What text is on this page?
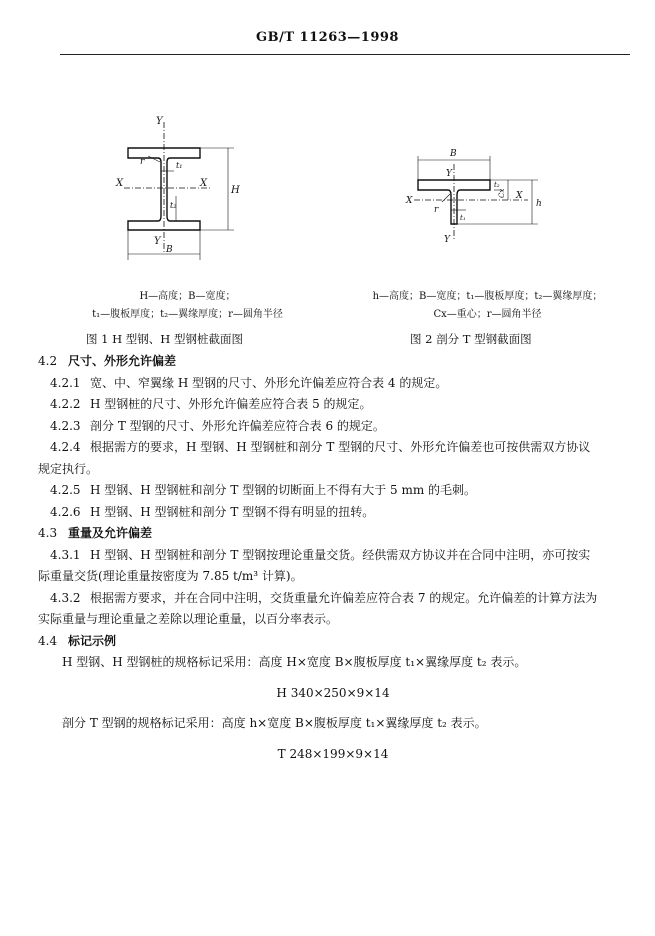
GB/T 11263—1998
Y
Y
X	X
H
B
r	t₁
t₂
B
Y
Y
X	X
Cx
h
r
t₁
t₂
H—高度；B—宽度；
t₁—腹板厚度；t₂—翼缘厚度；r—圆角半径
h—高度；B—宽度；t₁—腹板厚度；t₂—翼缘厚度；
Cx—重心；r—圆角半径
图 1 H 型钢、H 型钢桩截面图	图 2 剖分 T 型钢截面图
4.2 尺寸、外形允许偏差
4.2.1 宽、中、窄翼缘 H 型钢的尺寸、外形允许偏差应符合表 4 的规定。
4.2.2 H 型钢桩的尺寸、外形允许偏差应符合表 5 的规定。
4.2.3 剖分 T 型钢的尺寸、外形允许偏差应符合表 6 的规定。
4.2.4 根据需方的要求，H 型钢、H 型钢桩和剖分 T 型钢的尺寸、外形允许偏差也可按供需双方协议
规定执行。
4.2.5 H 型钢、H 型钢桩和剖分 T 型钢的切断面上不得有大于 5 mm 的毛刺。
4.2.6 H 型钢、H 型钢桩和剖分 T 型钢不得有明显的扭转。
4.3 重量及允许偏差
4.3.1 H 型钢、H 型钢桩和剖分 T 型钢按理论重量交货。经供需双方协议并在合同中注明，亦可按实
际重量交货(理论重量按密度为 7.85 t/m³ 计算)。
4.3.2 根据需方要求，并在合同中注明，交货重量允许偏差应符合表 7 的规定。允许偏差的计算方法为
实际重量与理论重量之差除以理论重量，以百分率表示。
4.4 标记示例
H 型钢、H 型钢桩的规格标记采用：高度 H×宽度 B×腹板厚度 t₁×翼缘厚度 t₂ 表示。
H 340×250×9×14
剖分 T 型钢的规格标记采用：高度 h×宽度 B×腹板厚度 t₁×翼缘厚度 t₂ 表示。
T 248×199×9×14
